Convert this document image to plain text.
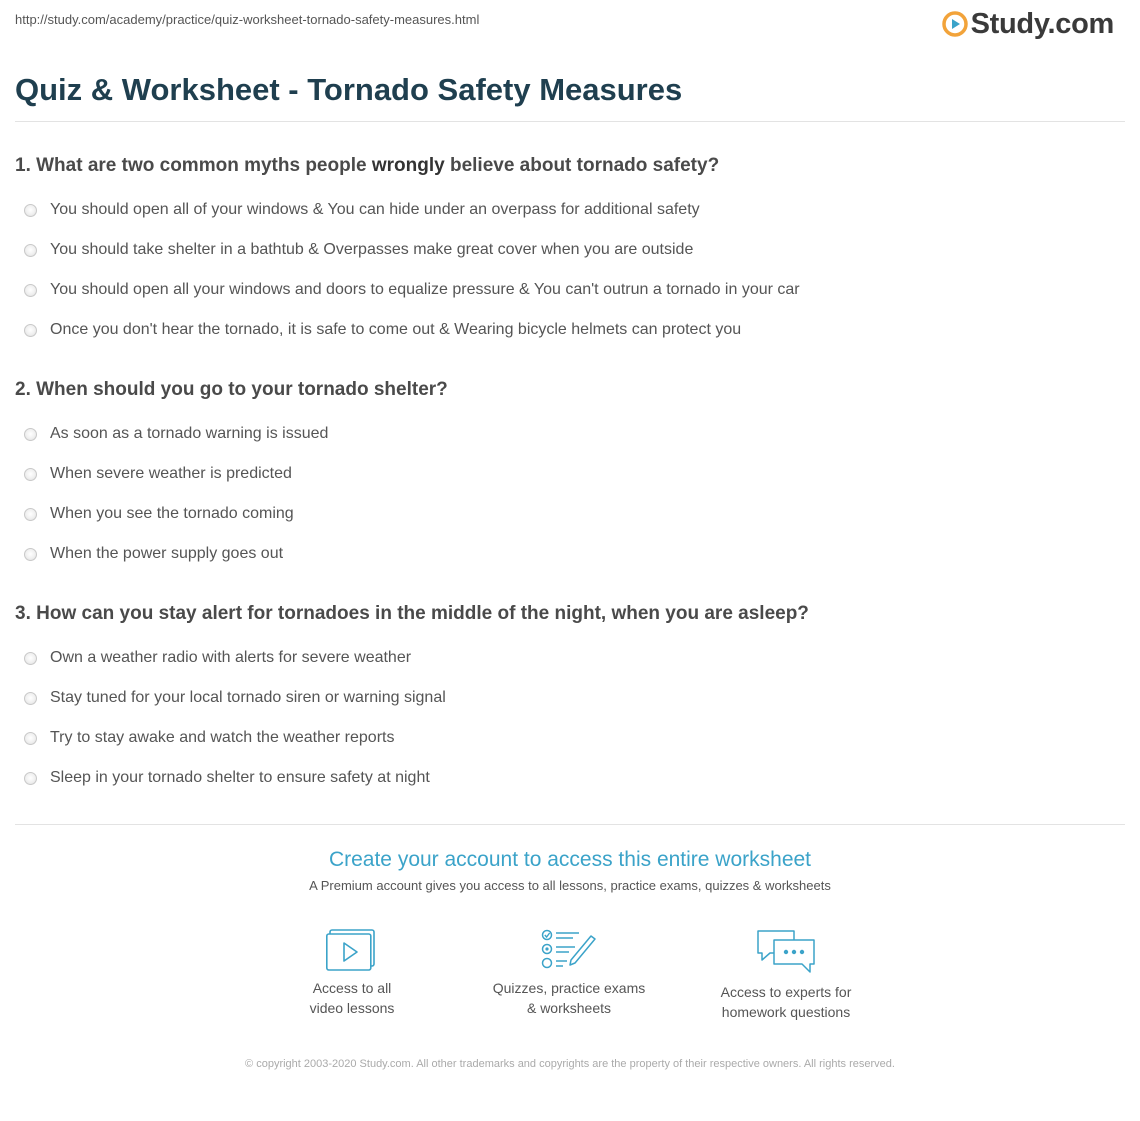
http://study.com/academy/practice/quiz-worksheet-tornado-safety-measures.html	Study.com
Quiz & Worksheet - Tornado Safety Measures

1. What are two common myths people wrongly believe about tornado safety?

You should open all of your windows & You can hide under an overpass for additional safety
You should take shelter in a bathtub & Overpasses make great cover when you are outside
You should open all your windows and doors to equalize pressure & You can't outrun a tornado in your car
Once you don't hear the tornado, it is safe to come out & Wearing bicycle helmets can protect you

2. When should you go to your tornado shelter?

As soon as a tornado warning is issued
When severe weather is predicted
When you see the tornado coming
When the power supply goes out

3. How can you stay alert for tornadoes in the middle of the night, when you are asleep?

Own a weather radio with alerts for severe weather
Stay tuned for your local tornado siren or warning signal
Try to stay awake and watch the weather reports
Sleep in your tornado shelter to ensure safety at night
Create your account to access this entire worksheet
A Premium account gives you access to all lessons, practice exams, quizzes & worksheets
Access to all
video lessons
Quizzes, practice exams
& worksheets
Access to experts for
homework questions
© copyright 2003-2020 Study.com. All other trademarks and copyrights are the property of their respective owners. All rights reserved.
